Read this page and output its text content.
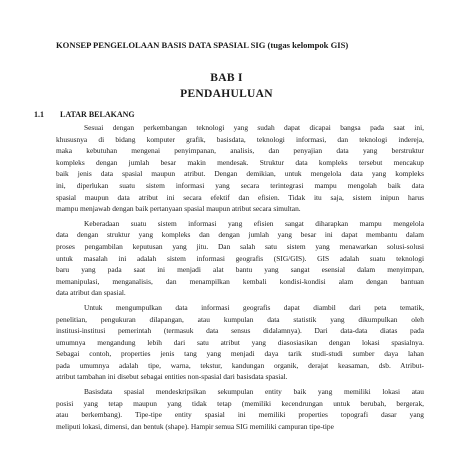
KONSEP PENGELOLAAN BASIS DATA SPASIAL SIG (tugas kelompok GIS)
BAB I
PENDAHULUAN
1.1 LATAR BELAKANG
Sesuai dengan perkembangan teknologi yang sudah dapat dicapai bangsa pada saat ini,
khususnya di bidang komputer grafik, basisdata, teknologi informasi, dan teknologi indereja,
maka kebutuhan mengenai penyimpanan, analisis, dan penyajian data yang berstruktur
kompleks dengan jumlah besar makin mendesak. Struktur data kompleks tersebut mencakup
baik jenis data spasial maupun atribut. Dengan demikian, untuk mengelola data yang kompleks
ini, diperlukan suatu sistem informasi yang secara terintegrasi mampu mengolah baik data
spasial maupun data atribut ini secara efektif dan efisien. Tidak itu saja, sistem inipun harus
mampu menjawab dengan baik pertanyaan spasial maupun atribut secara simultan.
Keberadaan suatu sistem informasi yang efisien sangat diharapkan mampu mengelola
data dengan struktur yang kompleks dan dengan jumlah yang besar ini dapat membantu dalam
proses pengambilan keputusan yang jitu. Dan salah satu sistem yang menawarkan solusi-solusi
untuk masalah ini adalah sistem informasi geografis (SIG/GIS). GIS adalah suatu teknologi
baru yang pada saat ini menjadi alat bantu yang sangat esensial dalam menyimpan,
memanipulasi, menganalisis, dan menampilkan kembali kondisi-kondisi alam dengan bantuan
data atribut dan spasial.
Untuk mengumpulkan data informasi geografis dapat diambil dari peta tematik,
penelitian, pengukuran dilapangan, atau kumpulan data statistik yang dikumpulkan oleh
institusi-institusi pemerintah (termasuk data sensus didalamnya). Dari data-data diatas pada
umumnya mengandung lebih dari satu atribut yang diasosiasikan dengan lokasi spasialnya.
Sebagai contoh, properties jenis tang yang menjadi daya tarik studi-studi sumber daya lahan
pada umumnya adalah tipe, warna, tekstur, kandungan organik, derajat keasaman, dsb. Atribut-
atribut tambahan ini disebut sebagai entities non-spasial dari basisdata spasial.
Basisdata spasial mendeskripsikan sekumpulan entity baik yang memiliki lokasi atau
posisi yang tetap maupun yang tidak tetap (memiliki kecendrungan untuk berubah, bergerak,
atau berkembang). Tipe-tipe entity spasial ini memiliki properties topografi dasar yang
meliputi lokasi, dimensi, dan bentuk (shape). Hampir semua SIG memiliki campuran tipe-tipe
